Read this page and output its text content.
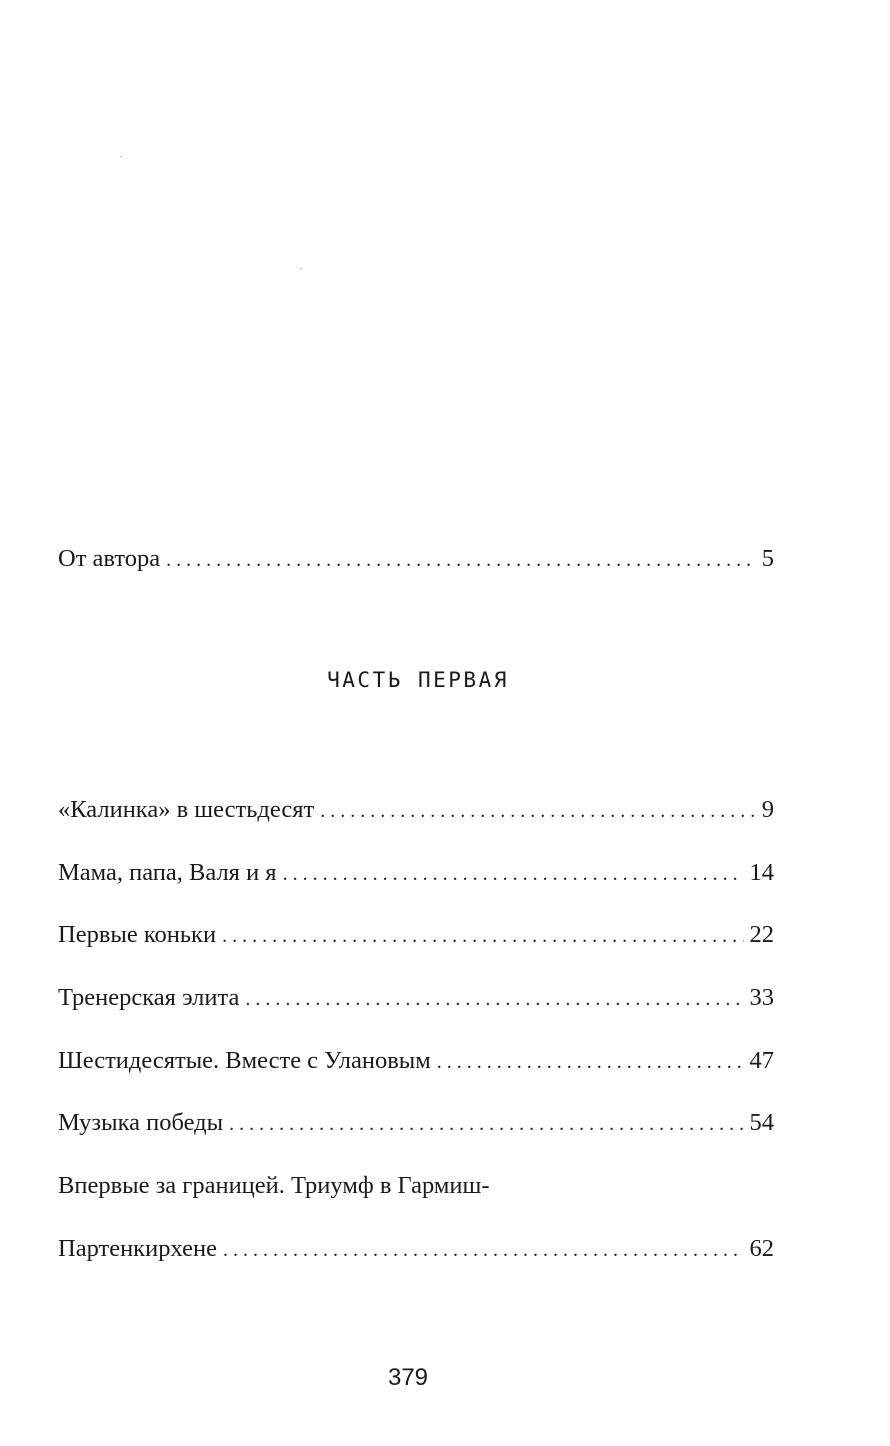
От автора . . .	5
ЧАСТЬ ПЕРВАЯ
«Калинка» в шестьдесят . . .	9
Мама, папа, Валя и я . . .	14
Первые коньки . . .	22
Тренерская элита . . .	33
Шестидесятые. Вместе с Улановым . . .	47
Музыка победы . . .	54
Впервые за границей. Триумф в Гармиш-
Партенкирхене . . .	62
379
